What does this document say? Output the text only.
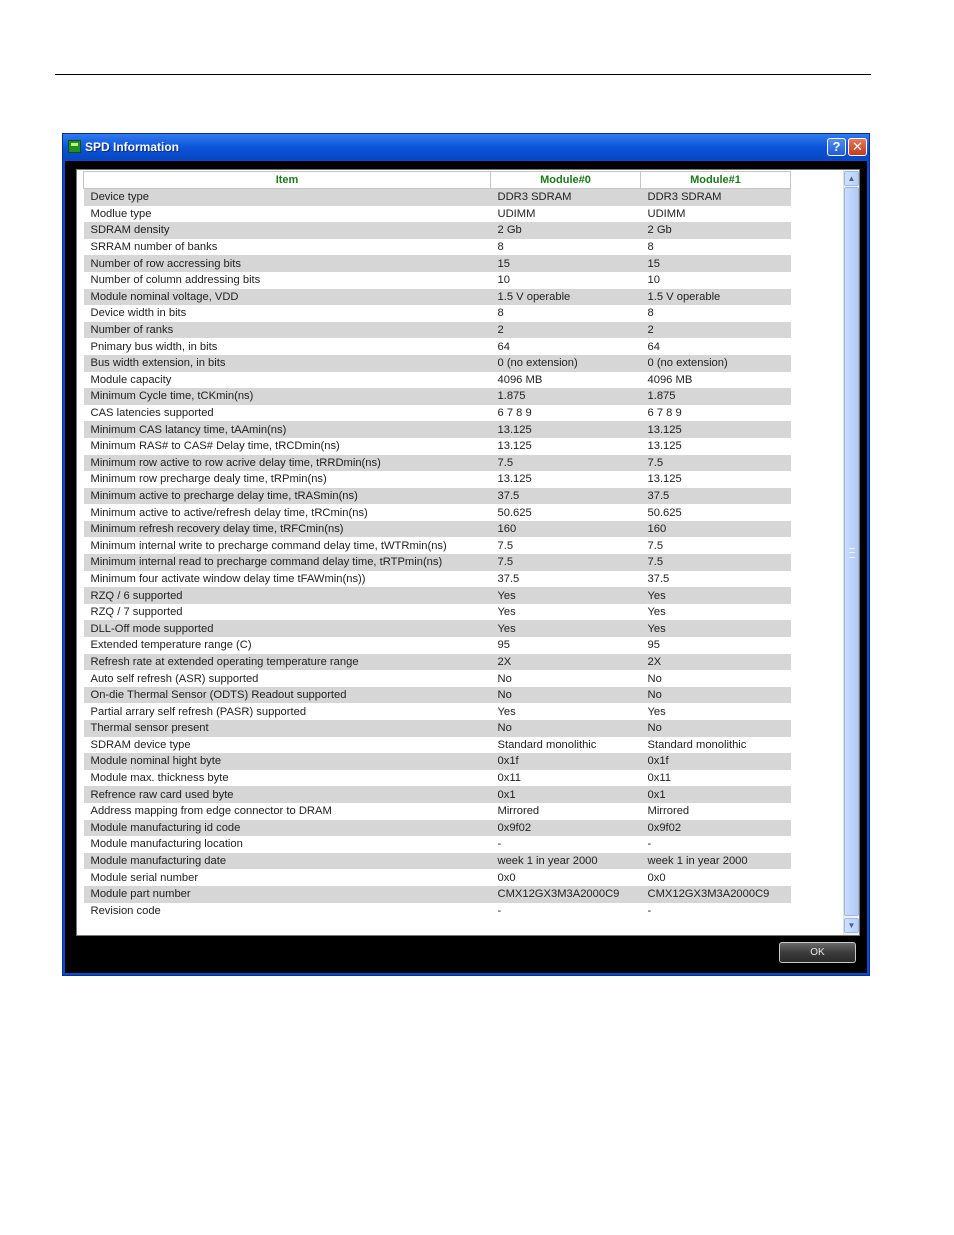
SPD Information	? ✕
Item	Module#0	Module#1
Device type	DDR3 SDRAM	DDR3 SDRAM
Modlue type	UDIMM	UDIMM
SDRAM density	2 Gb	2 Gb
SRRAM number of banks	8	8
Number of row accressing bits	15	15
Number of column addressing bits	10	10
Module nominal voltage, VDD	1.5 V operable	1.5 V operable
Device width in bits	8	8
Number of ranks	2	2
Pnimary bus width, in bits	64	64
Bus width extension, in bits	0 (no extension)	0 (no extension)
Module capacity	4096 MB	4096 MB
Minimum Cycle time, tCKmin(ns)	1.875	1.875
CAS latencies supported	6 7 8 9	6 7 8 9
Minimum CAS latancy time, tAAmin(ns)	13.125	13.125
Minimum RAS# to CAS# Delay time, tRCDmin(ns)	13.125	13.125
Minimum row active to row acrive delay time, tRRDmin(ns)	7.5	7.5
Minimum row precharge dealy time, tRPmin(ns)	13.125	13.125
Minimum active to precharge delay time, tRASmin(ns)	37.5	37.5
Minimum active to active/refresh delay time, tRCmin(ns)	50.625	50.625
Minimum refresh recovery delay time, tRFCmin(ns)	160	160
Minimum internal write to precharge command delay time, tWTRmin(ns)	7.5	7.5
Minimum internal read to precharge command delay time, tRTPmin(ns)	7.5	7.5
Minimum four activate window delay time tFAWmin(ns))	37.5	37.5
RZQ / 6 supported	Yes	Yes
RZQ / 7 supported	Yes	Yes
DLL-Off mode supported	Yes	Yes
Extended temperature range (C)	95	95
Refresh rate at extended operating temperature range	2X	2X
Auto self refresh (ASR) supported	No	No
On-die Thermal Sensor (ODTS) Readout supported	No	No
Partial arrary self refresh (PASR) supported	Yes	Yes
Thermal sensor present	No	No
SDRAM device type	Standard monolithic	Standard monolithic
Module nominal hight byte	0x1f	0x1f
Module max. thickness byte	0x11	0x11
Refrence raw card used byte	0x1	0x1
Address mapping from edge connector to DRAM	Mirrored	Mirrored
Module manufacturing id code	0x9f02	0x9f02
Module manufacturing location	-	-
Module manufacturing date	week 1 in year 2000	week 1 in year 2000
Module serial number	0x0	0x0
Module part number	CMX12GX3M3A2000C9	CMX12GX3M3A2000C9
Revision code	-	-
▲
▼
OK
